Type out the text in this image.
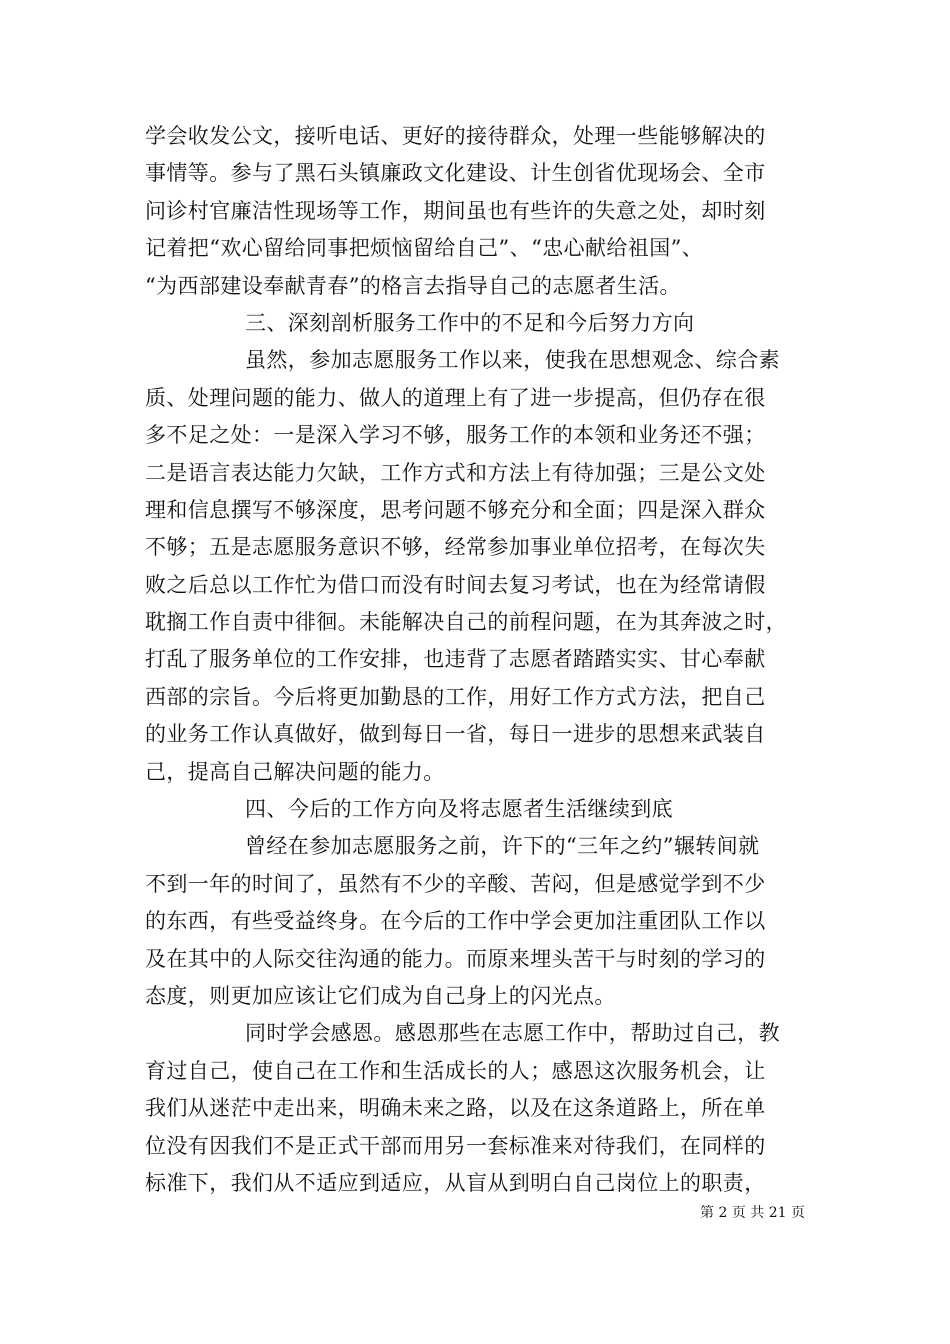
学会收发公文，接听电话、更好的接待群众，处理一些能够解决的
事情等。参与了黑石头镇廉政文化建设、计生创省优现场会、全市
问诊村官廉洁性现场等工作，期间虽也有些许的失意之处，却时刻
记着把“欢心留给同事把烦恼留给自己”、“忠心献给祖国”、
“为西部建设奉献青春”的格言去指导自己的志愿者生活。
三、深刻剖析服务工作中的不足和今后努力方向
虽然，参加志愿服务工作以来，使我在思想观念、综合素
质、处理问题的能力、做人的道理上有了进一步提高，但仍存在很
多不足之处：一是深入学习不够，服务工作的本领和业务还不强；
二是语言表达能力欠缺，工作方式和方法上有待加强；三是公文处
理和信息撰写不够深度，思考问题不够充分和全面；四是深入群众
不够；五是志愿服务意识不够，经常参加事业单位招考，在每次失
败之后总以工作忙为借口而没有时间去复习考试，也在为经常请假
耽搁工作自责中徘徊。未能解决自己的前程问题，在为其奔波之时，
打乱了服务单位的工作安排，也违背了志愿者踏踏实实、甘心奉献
西部的宗旨。今后将更加勤恳的工作，用好工作方式方法，把自己
的业务工作认真做好，做到每日一省，每日一进步的思想来武装自
己，提高自己解决问题的能力。
四、今后的工作方向及将志愿者生活继续到底
曾经在参加志愿服务之前，许下的“三年之约”辗转间就
不到一年的时间了，虽然有不少的辛酸、苦闷，但是感觉学到不少
的东西，有些受益终身。在今后的工作中学会更加注重团队工作以
及在其中的人际交往沟通的能力。而原来埋头苦干与时刻的学习的
态度，则更加应该让它们成为自己身上的闪光点。
同时学会感恩。感恩那些在志愿工作中，帮助过自己，教
育过自己，使自己在工作和生活成长的人；感恩这次服务机会，让
我们从迷茫中走出来，明确未来之路，以及在这条道路上，所在单
位没有因我们不是正式干部而用另一套标准来对待我们，在同样的
标准下，我们从不适应到适应，从盲从到明白自己岗位上的职责，
第 2 页 共 21 页
